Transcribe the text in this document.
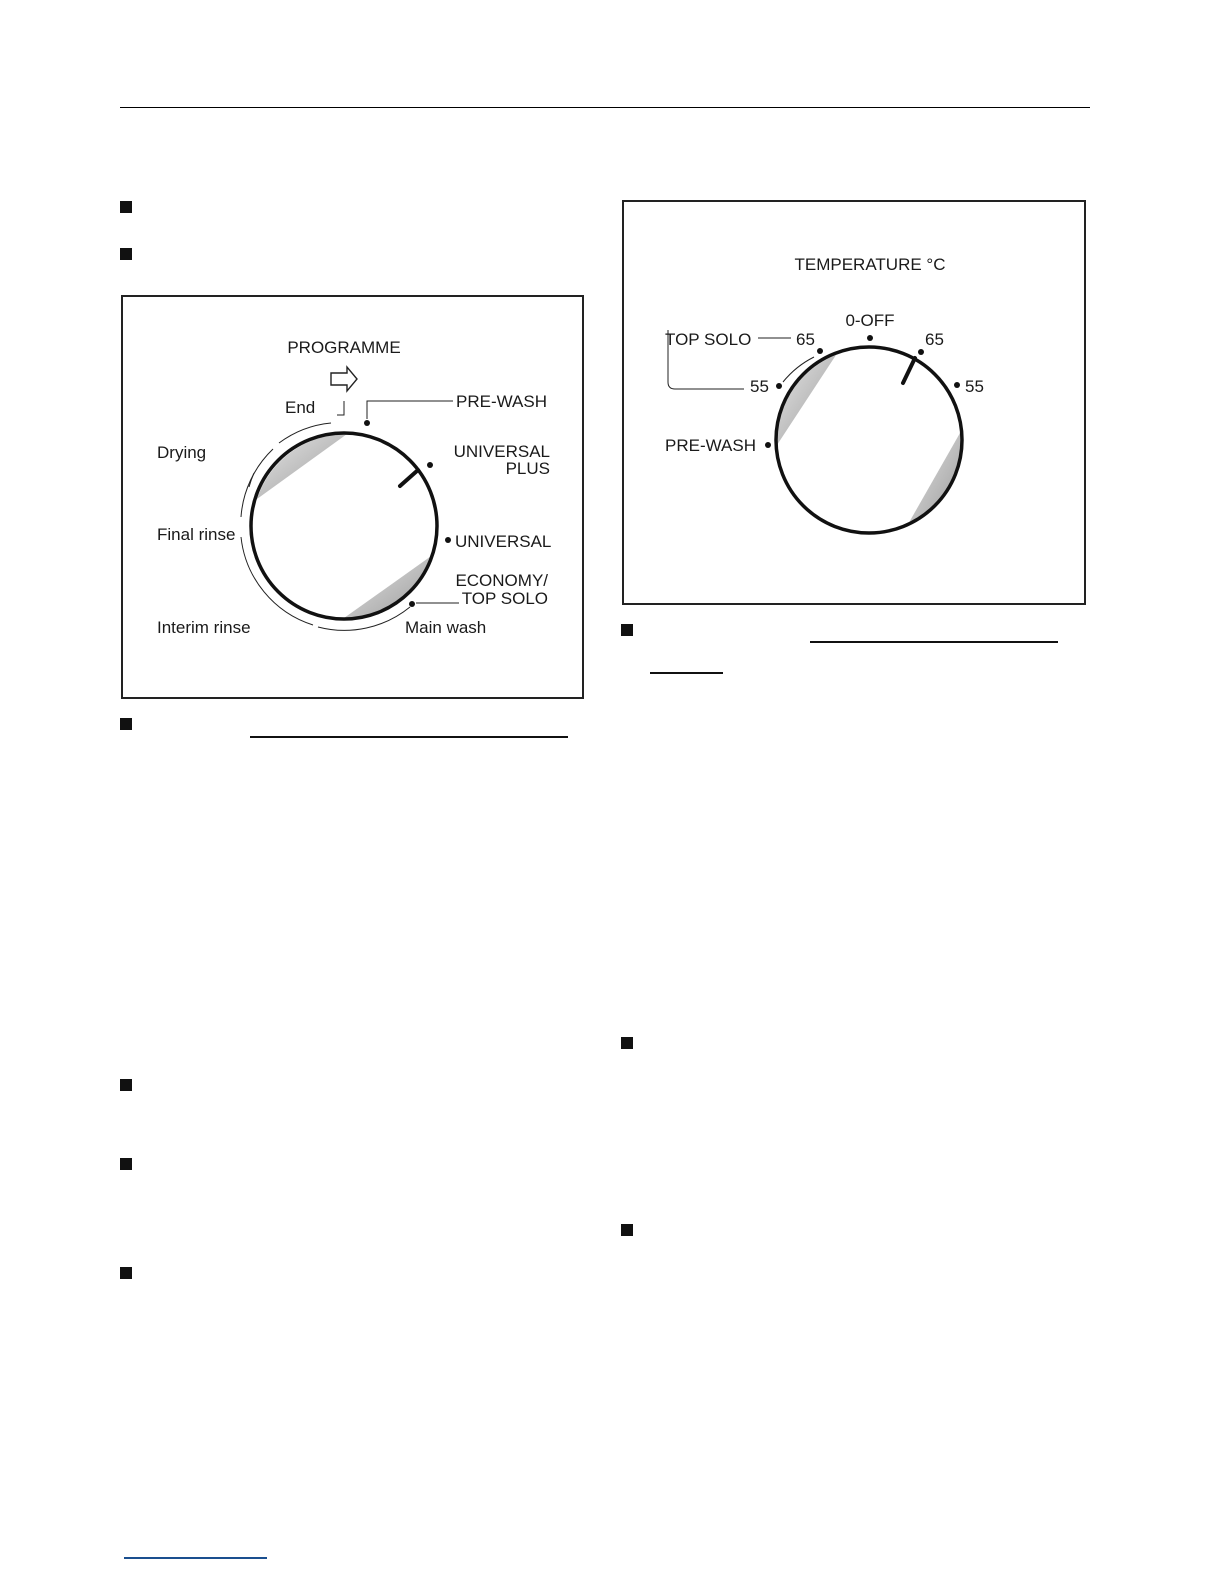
PROGRAMME
End
Drying
Final rinse
Interim rinse	Main wash
PRE-WASH
UNIVERSAL
PLUS
UNIVERSAL
ECONOMY/
TOP SOLO
TEMPERATURE °C
0-OFF
TOP SOLO	65
55
65
55
PRE-WASH
